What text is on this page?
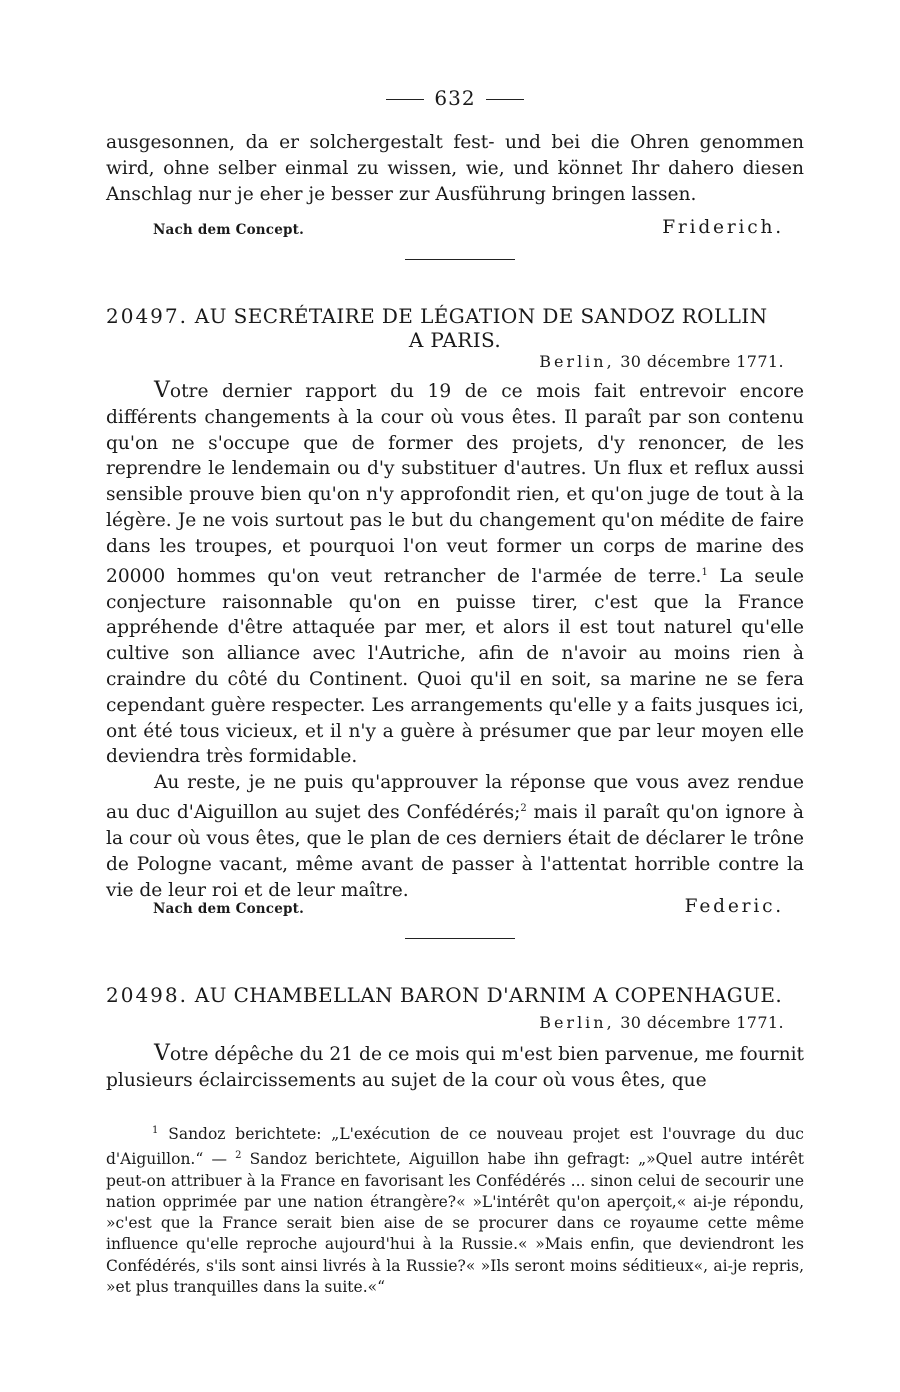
632

ausgesonnen, da er solchergestalt fest- und bei die Ohren genommen wird, ohne selber einmal zu wissen, wie, und könnet Ihr dahero diesen Anschlag nur je eher je besser zur Ausführung bringen lassen.

Nach dem Concept.	Friderich.
20497. AU SECRÉTAIRE DE LÉGATION DE SANDOZ ROLLIN
A PARIS.
Berlin, 30 décembre 1771.

Votre dernier rapport du 19 de ce mois fait entrevoir encore différents changements à la cour où vous êtes. Il paraît par son contenu qu'on ne s'occupe que de former des projets, d'y renoncer, de les reprendre le lendemain ou d'y substituer d'autres. Un flux et reflux aussi sensible prouve bien qu'on n'y approfondit rien, et qu'on juge de tout à la légère. Je ne vois surtout pas le but du changement qu'on médite de faire dans les troupes, et pourquoi l'on veut former un corps de marine des 20000 hommes qu'on veut retrancher de l'armée de terre.$^1$ La seule conjecture raisonnable qu'on en puisse tirer, c'est que la France appréhende d'être attaquée par mer, et alors il est tout naturel qu'elle cultive son alliance avec l'Autriche, afin de n'avoir au moins rien à craindre du côté du Continent. Quoi qu'il en soit, sa marine ne se fera cependant guère respecter. Les arrangements qu'elle y a faits jusques ici, ont été tous vicieux, et il n'y a guère à présumer que par leur moyen elle deviendra très formidable.

Au reste, je ne puis qu'approuver la réponse que vous avez rendue au duc d'Aiguillon au sujet des Confédérés;$^2$ mais il paraît qu'on ignore à la cour où vous êtes, que le plan de ces derniers était de déclarer le trône de Pologne vacant, même avant de passer à l'attentat horrible contre la vie de leur roi et de leur maître.

Nach dem Concept.	Federic.
20498. AU CHAMBELLAN BARON D'ARNIM A COPENHAGUE.
Berlin, 30 décembre 1771.

Votre dépêche du 21 de ce mois qui m'est bien parvenue, me fournit plusieurs éclaircissements au sujet de la cour où vous êtes, que

$^1$ Sandoz berichtete: „L'exécution de ce nouveau projet est l'ouvrage du duc d'Aiguillon.“ — $^2$ Sandoz berichtete, Aiguillon habe ihn gefragt: „»Quel autre intérêt peut-on attribuer à la France en favorisant les Confédérés ... sinon celui de secourir une nation opprimée par une nation étrangère?« »L'intérêt qu'on aperçoit,« ai-je répondu, »c'est que la France serait bien aise de se procurer dans ce royaume cette même influence qu'elle reproche aujourd'hui à la Russie.« »Mais enfin, que deviendront les Confédérés, s'ils sont ainsi livrés à la Russie?« »Ils seront moins séditieux«, ai-je repris, »et plus tranquilles dans la suite.«“
